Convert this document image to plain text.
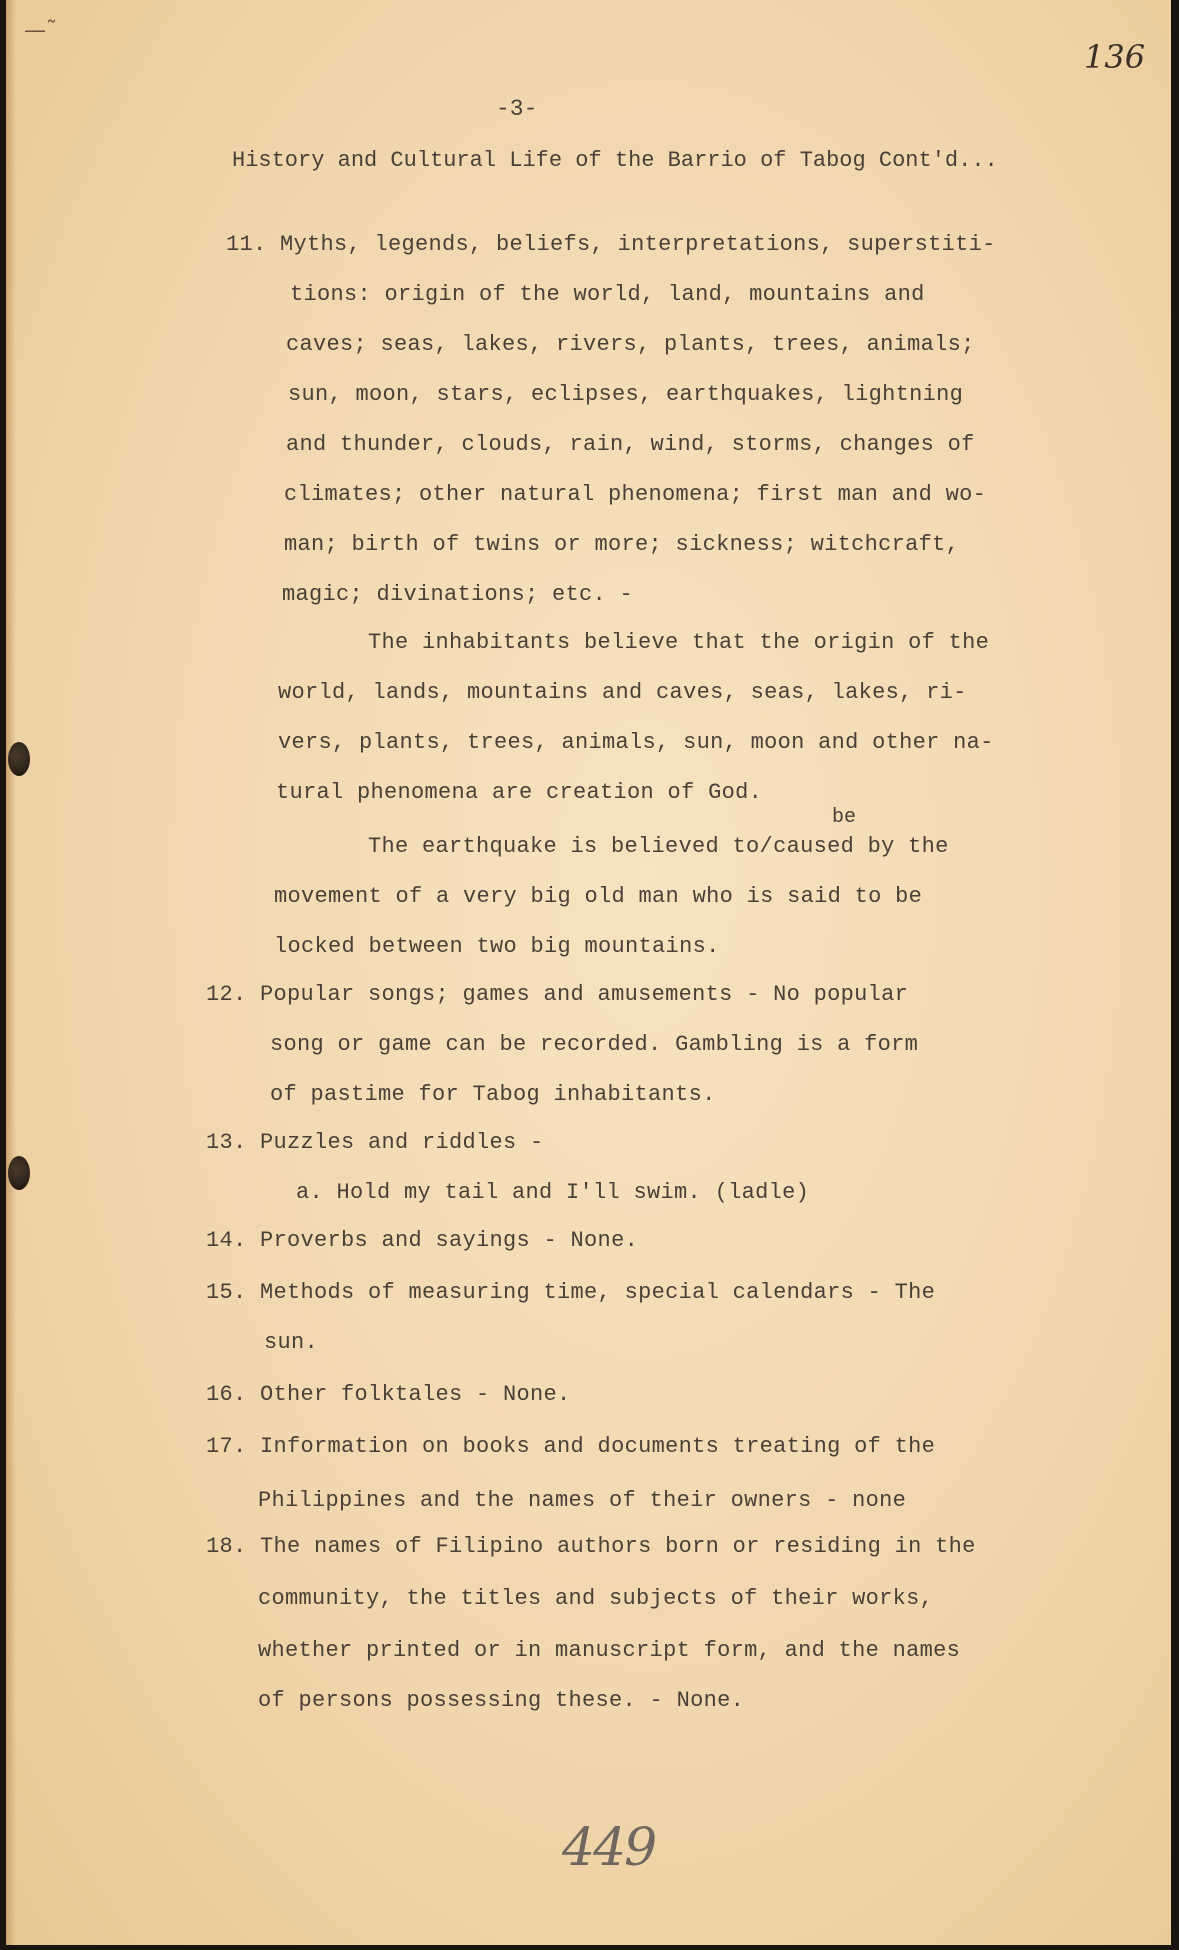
—˜
136
-3-
History and Cultural Life of the Barrio of Tabog Cont'd...
11. Myths, legends, beliefs, interpretations, superstiti-
tions: origin of the world, land, mountains and
caves; seas, lakes, rivers, plants, trees, animals;
sun, moon, stars, eclipses, earthquakes, lightning
and thunder, clouds, rain, wind, storms, changes of
climates; other natural phenomena; first man and wo-
man; birth of twins or more; sickness; witchcraft,
magic; divinations; etc. -
The inhabitants believe that the origin of the
world, lands, mountains and caves, seas, lakes, ri-
vers, plants, trees, animals, sun, moon and other na-
tural phenomena are creation of God.
be
The earthquake is believed to/caused by the
movement of a very big old man who is said to be
locked between two big mountains.
12. Popular songs; games and amusements - No popular
song or game can be recorded. Gambling is a form
of pastime for Tabog inhabitants.
13. Puzzles and riddles -
a. Hold my tail and I'll swim. (ladle)
14. Proverbs and sayings - None.
15. Methods of measuring time, special calendars - The
sun.
16. Other folktales - None.
17. Information on books and documents treating of the
Philippines and the names of their owners - none
18. The names of Filipino authors born or residing in the
community, the titles and subjects of their works,
whether printed or in manuscript form, and the names
of persons possessing these. - None.
449
